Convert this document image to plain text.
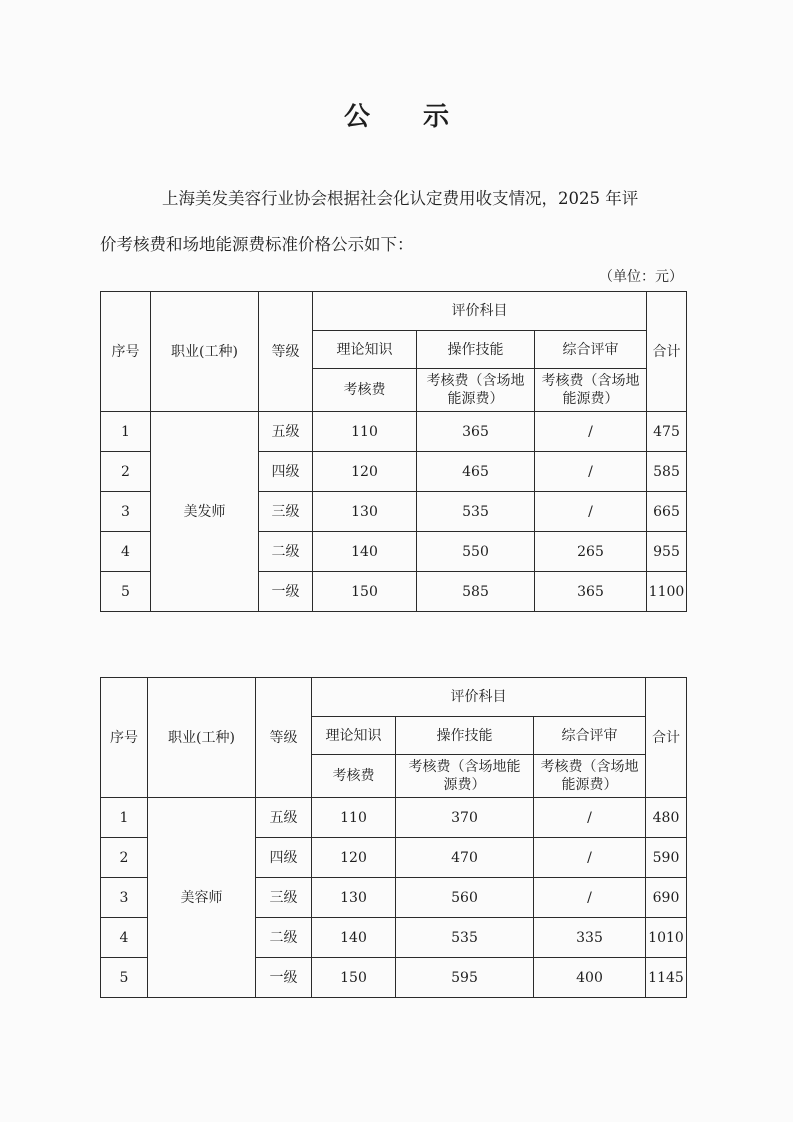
公 示
上海美发美容行业协会根据社会化认定费用收支情况，2025 年评
价考核费和场地能源费标准价格公示如下：
（单位：元）
序号	职业(工种)	等级	评价科目			合计
			理论知识	操作技能	综合评审	
			考核费	考核费（含场地能源费）	考核费（含场地能源费）	
1	美发师	五级	110	365	/	475
2		四级	120	465	/	585
3		三级	130	535	/	665
4		二级	140	550	265	955
5		一级	150	585	365	1100
序号	职业(工种)	等级	评价科目			合计
			理论知识	操作技能	综合评审	
			考核费	考核费（含场地能源费）	考核费（含场地能源费）	
1	美容师	五级	110	370	/	480
2		四级	120	470	/	590
3		三级	130	560	/	690
4		二级	140	535	335	1010
5		一级	150	595	400	1145
